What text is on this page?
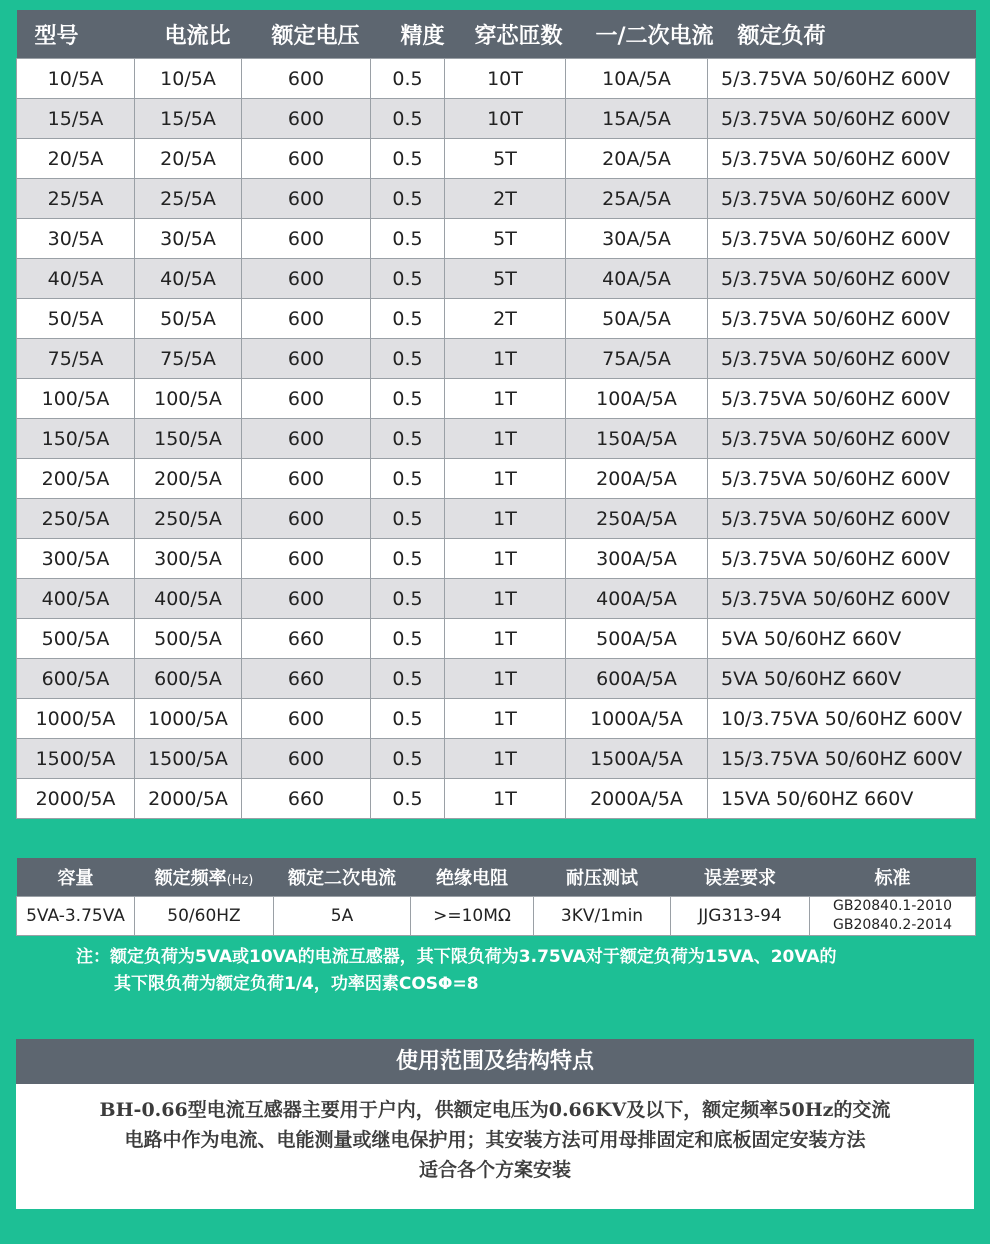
型号	电流比	额定电压	精度	穿芯匝数	一/二次电流	额定负荷
10/5A	10/5A	600	0.5	10T	10A/5A	5/3.75VA 50/60HZ 600V
15/5A	15/5A	600	0.5	10T	15A/5A	5/3.75VA 50/60HZ 600V
20/5A	20/5A	600	0.5	5T	20A/5A	5/3.75VA 50/60HZ 600V
25/5A	25/5A	600	0.5	2T	25A/5A	5/3.75VA 50/60HZ 600V
30/5A	30/5A	600	0.5	5T	30A/5A	5/3.75VA 50/60HZ 600V
40/5A	40/5A	600	0.5	5T	40A/5A	5/3.75VA 50/60HZ 600V
50/5A	50/5A	600	0.5	2T	50A/5A	5/3.75VA 50/60HZ 600V
75/5A	75/5A	600	0.5	1T	75A/5A	5/3.75VA 50/60HZ 600V
100/5A	100/5A	600	0.5	1T	100A/5A	5/3.75VA 50/60HZ 600V
150/5A	150/5A	600	0.5	1T	150A/5A	5/3.75VA 50/60HZ 600V
200/5A	200/5A	600	0.5	1T	200A/5A	5/3.75VA 50/60HZ 600V
250/5A	250/5A	600	0.5	1T	250A/5A	5/3.75VA 50/60HZ 600V
300/5A	300/5A	600	0.5	1T	300A/5A	5/3.75VA 50/60HZ 600V
400/5A	400/5A	600	0.5	1T	400A/5A	5/3.75VA 50/60HZ 600V
500/5A	500/5A	660	0.5	1T	500A/5A	5VA 50/60HZ 660V
600/5A	600/5A	660	0.5	1T	600A/5A	5VA 50/60HZ 660V
1000/5A	1000/5A	600	0.5	1T	1000A/5A	10/3.75VA 50/60HZ 600V
1500/5A	1500/5A	600	0.5	1T	1500A/5A	15/3.75VA 50/60HZ 600V
2000/5A	2000/5A	660	0.5	1T	2000A/5A	15VA 50/60HZ 660V
容量	额定频率(Hz)	额定二次电流	绝缘电阻	耐压测试	误差要求	标准
5VA-3.75VA	50/60HZ	5A	>=10MΩ	3KV/1min	JJG313-94	GB20840.1-2010
GB20840.2-2014
注：额定负荷为5VA或10VA的电流互感器，其下限负荷为3.75VA对于额定负荷为15VA、20VA的
其下限负荷为额定负荷1/4，功率因素COSΦ=8
使用范围及结构特点
BH-0.66型电流互感器主要用于户内，供额定电压为0.66KV及以下，额定频率50Hz的交流
电路中作为电流、电能测量或继电保护用；其安装方法可用母排固定和底板固定安装方法
适合各个方案安装
